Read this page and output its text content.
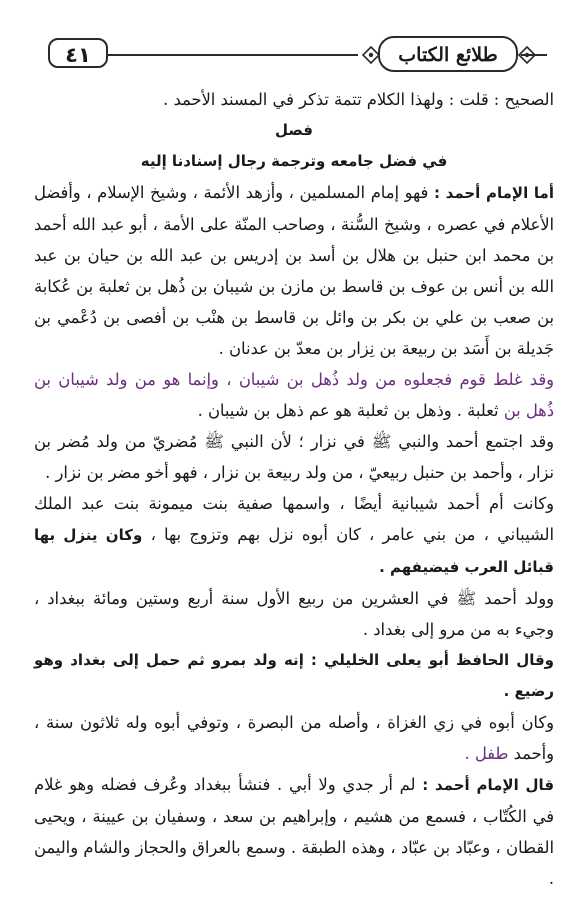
٤١	طلائع الكتاب

الصحيح : قلت : ولهذا الكلام تتمة تذكر في المسند الأحمد .

فصل

في فضل جامعه وترجمة رجال إسنادنا إليه

أما الإمام أحمد : فهو إمام المسلمين ، وأزهد الأئمة ، وشيخ الإسلام ، وأفضل الأعلام في عصره ، وشيخ السُّنة ، وصاحب المنّة على الأمة ، أبو عبد الله أحمد بن محمد ابن حنبل بن هلال بن أسد بن إدريس بن عبد الله بن حيان بن عبد الله بن أنس بن عوف بن قاسط بن مازن بن شيبان بن ذُهل بن ثعلبة بن عُكابة بن صعب بن علي بن بكر بن وائل بن قاسط بن هنْب بن أفصى بن دُعْمي بن جَديلة بن أَسَد بن ربيعة بن نِزار بن معدّ بن عدنان .

وقد غلط قوم فجعلوه من ولد ذُهل بن شيبان ، وإنما هو من ولد شيبان بن ذُهل بن ثعلبة . وذهل بن ثعلبة هو عم ذهل بن شيبان .

وقد اجتمع أحمد والنبي ﷺ في نزار ؛ لأن النبي ﷺ مُضريّ من ولد مُضر بن نزار ، وأحمد بن حنبل ربيعيّ ، من ولد ربيعة بن نزار ، فهو أخو مضر بن نزار .

وكانت أم أحمد شيبانية أيضًا ، واسمها صفية بنت ميمونة بنت عبد الملك الشيباني ، من بني عامر ، كان أبوه نزل بهم وتزوج بها ، وكان ينزل بها قبائل العرب فيضيفهم .

وولد أحمد ﷺ في العشرين من ربيع الأول سنة أربع وستين ومائة ببغداد ، وجيء به من مرو إلى بغداد .

وقال الحافظ أبو يعلى الخليلي : إنه ولد بمرو ثم حمل إلى بغداد وهو رضيع .

وكان أبوه في زي الغزاة ، وأصله من البصرة ، وتوفي أبوه وله ثلاثون سنة ، وأحمد طفل .

قال الإمام أحمد : لم أر جدي ولا أبي . فنشأ ببغداد وعُرف فضله وهو غلام في الكُتّاب ، فسمع من هشيم ، وإبراهيم بن سعد ، وسفيان بن عيينة ، ويحيى القطان ، وعبّاد بن عبّاد ، وهذه الطبقة . وسمع بالعراق والحجاز والشام واليمن .
